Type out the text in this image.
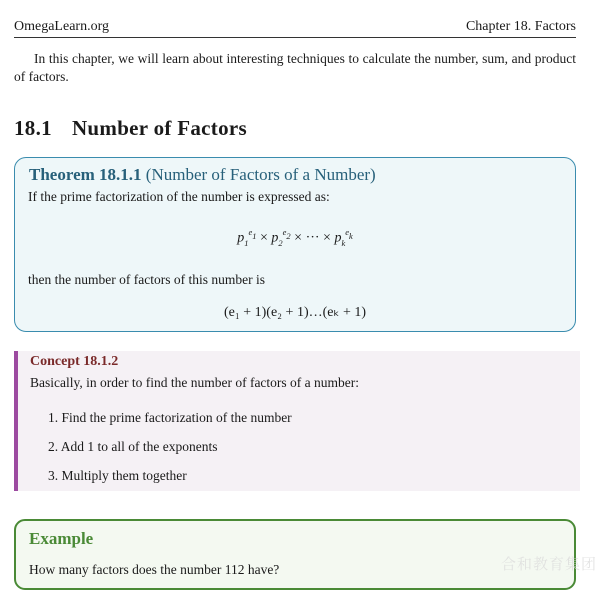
OmegaLearn.org	Chapter 18. Factors
In this chapter, we will learn about interesting techniques to calculate the number, sum, and product of factors.
18.1 Number of Factors
Theorem 18.1.1 (Number of Factors of a Number)
If the prime factorization of the number is expressed as:
$p_1^{e_1} \times p_2^{e_2}$ × ··· × $p_k^{e_k}$
then the number of factors of this number is
(e₁ + 1)(e₂ + 1)…(eₖ + 1)
Concept 18.1.2
Basically, in order to find the number of factors of a number:
1. Find the prime factorization of the number
2. Add 1 to all of the exponents
3. Multiply them together
Example
How many factors does the number 112 have?	合和教育集团
